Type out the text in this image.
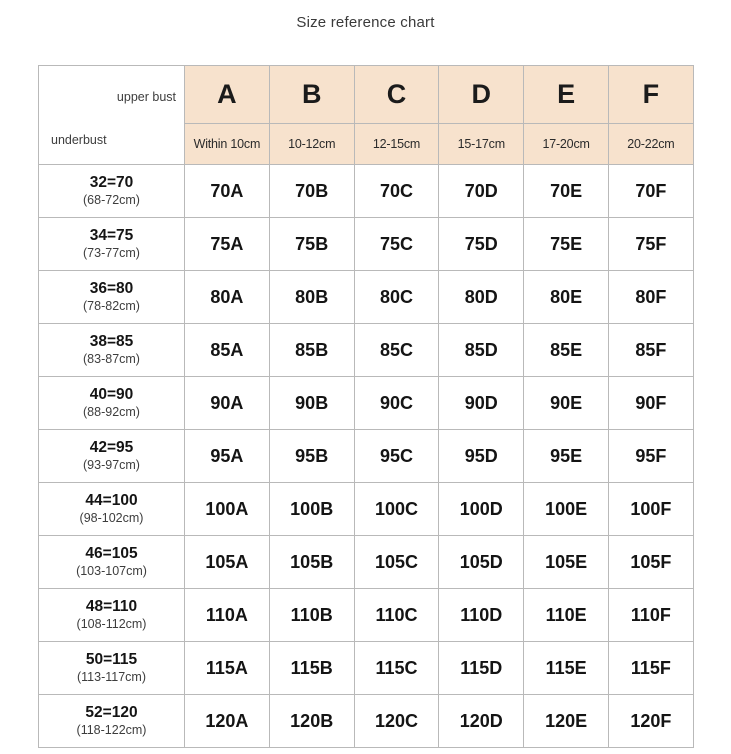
Size reference chart
upper bust
underbust	A	B	C	D	E	F
	Within 10cm	10-12cm	12-15cm	15-17cm	17-20cm	20-22cm

32=70
(68-72cm)	70A	70B	70C	70D	70E	70F

34=75
(73-77cm)	75A	75B	75C	75D	75E	75F

36=80
(78-82cm)	80A	80B	80C	80D	80E	80F

38=85
(83-87cm)	85A	85B	85C	85D	85E	85F

40=90
(88-92cm)	90A	90B	90C	90D	90E	90F

42=95
(93-97cm)	95A	95B	95C	95D	95E	95F

44=100
(98-102cm)	100A	100B	100C	100D	100E	100F

46=105
(103-107cm)	105A	105B	105C	105D	105E	105F

48=110
(108-112cm)	110A	110B	110C	110D	110E	110F

50=115
(113-117cm)	115A	115B	115C	115D	115E	115F

52=120
(118-122cm)	120A	120B	120C	120D	120E	120F
